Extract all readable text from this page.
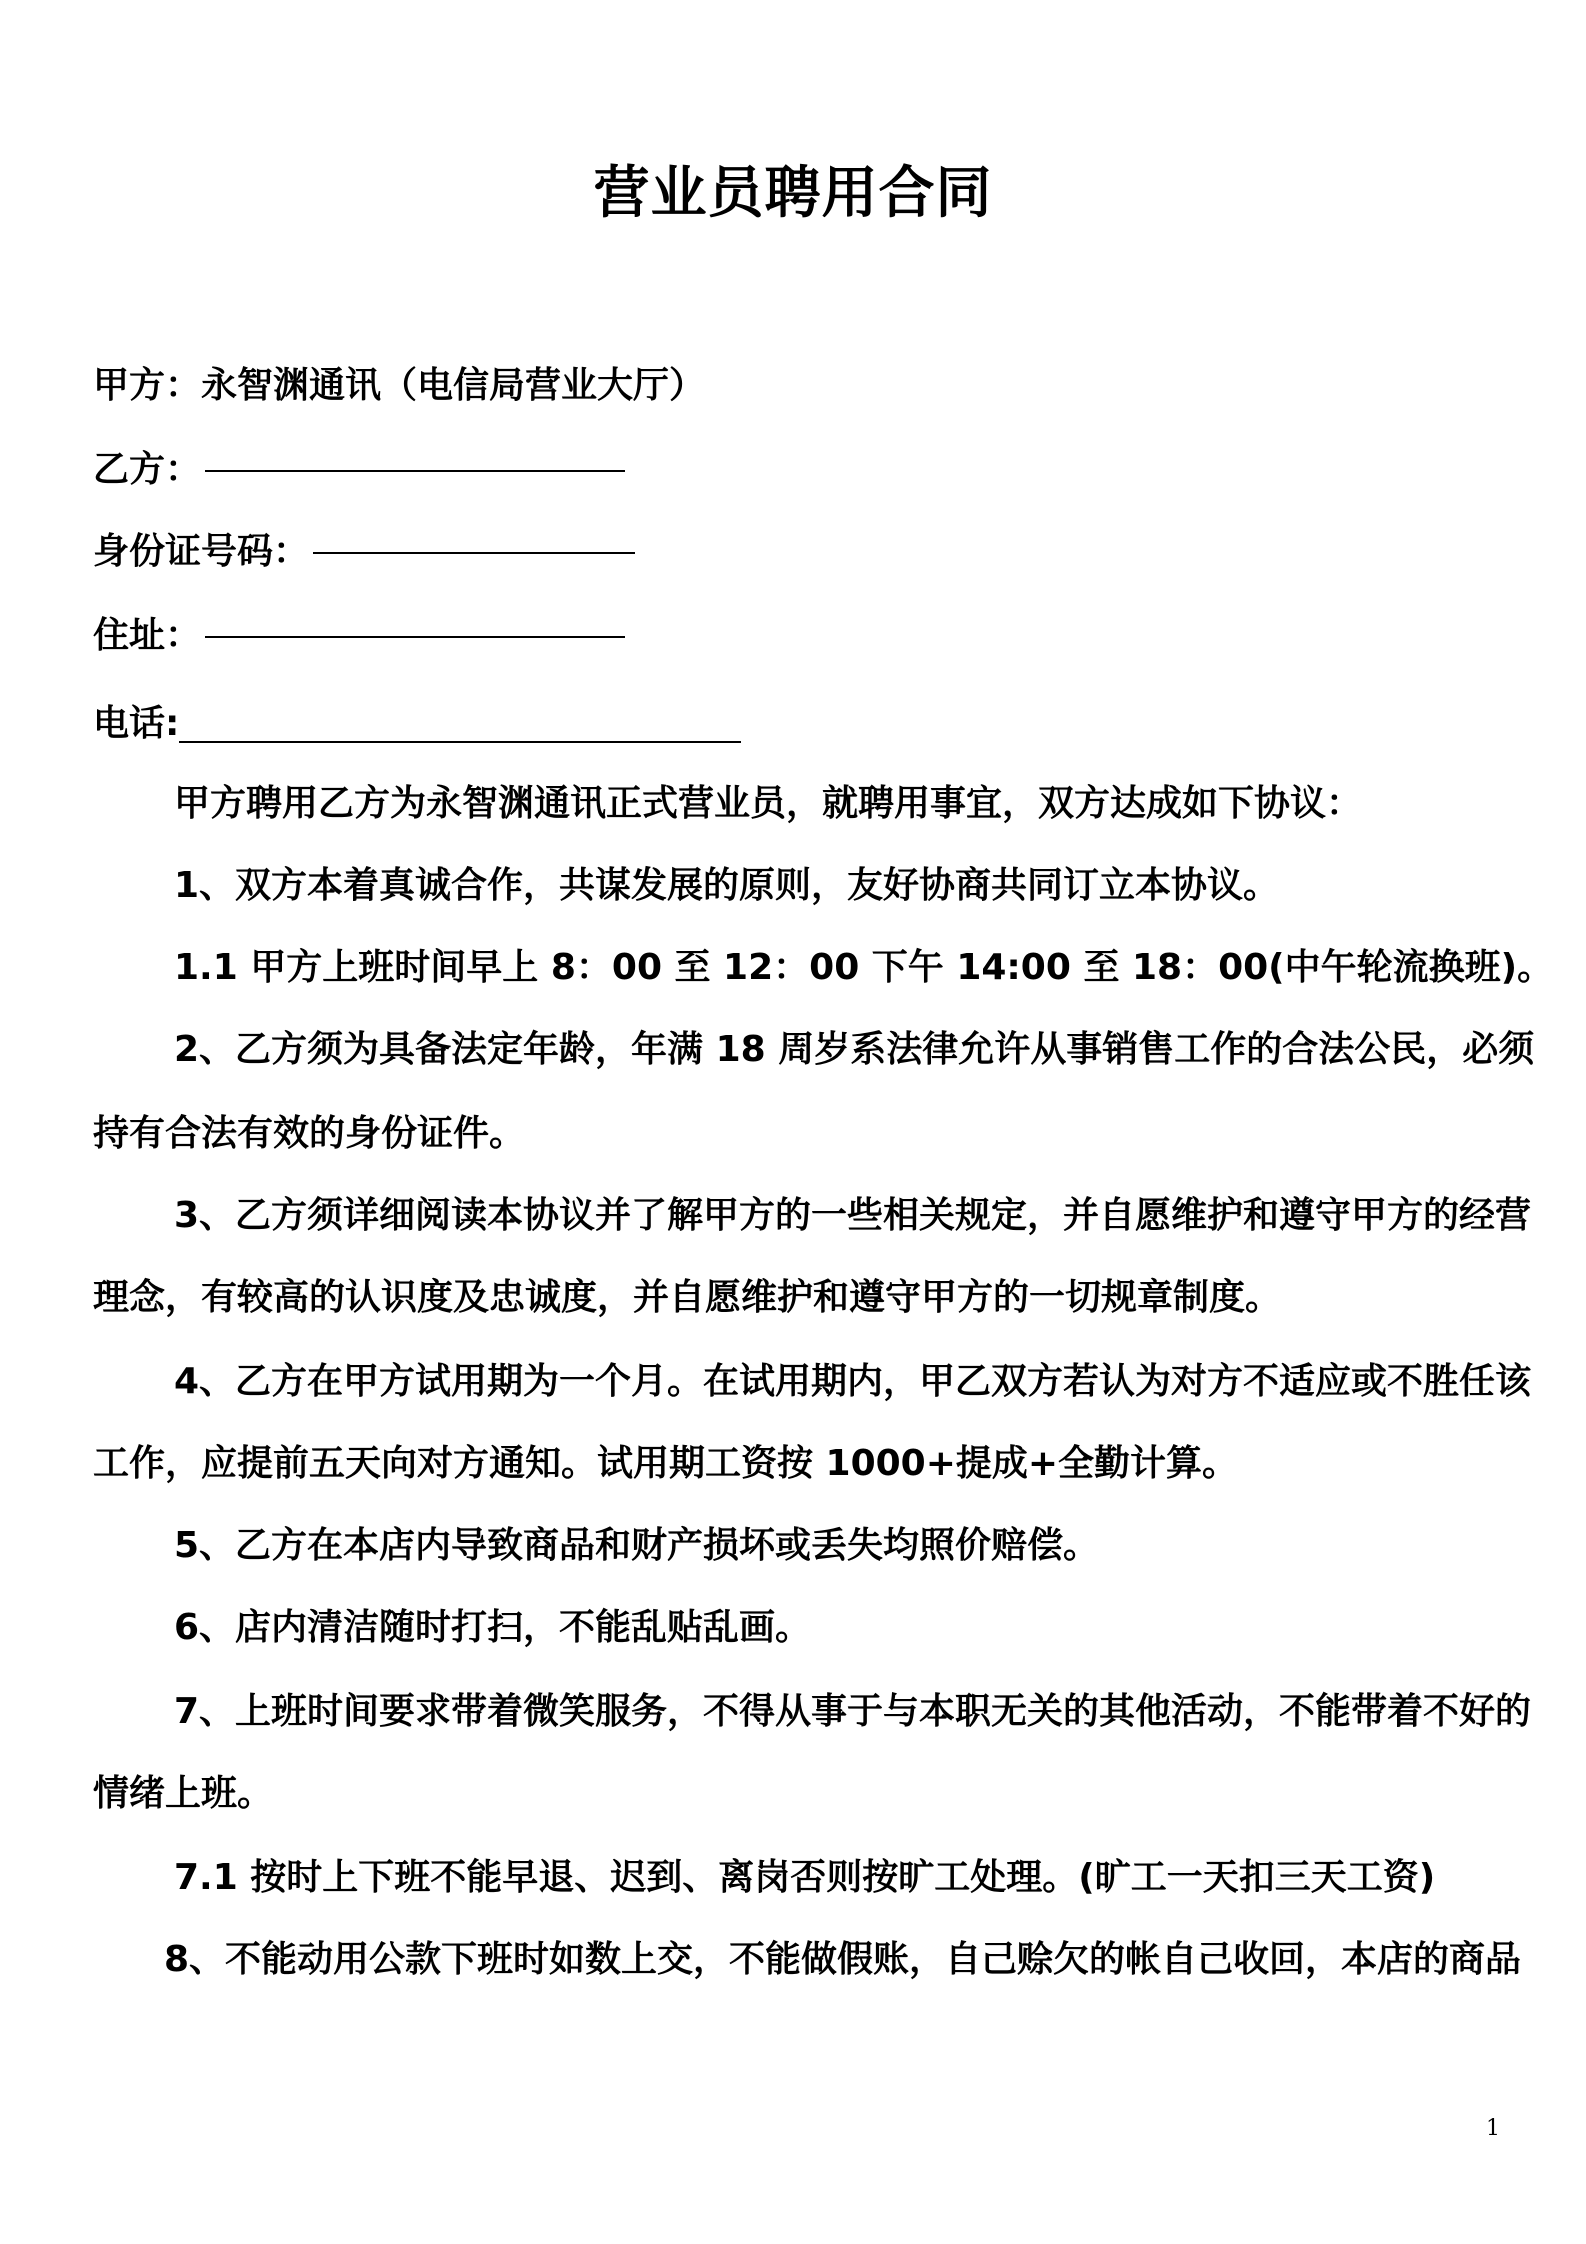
营业员聘用合同

甲方：永智渊通讯（电信局营业大厅）

乙方：

身份证号码：

住址：

电话:

甲方聘用乙方为永智渊通讯正式营业员，就聘用事宜，双方达成如下协议：

1、双方本着真诚合作，共谋发展的原则，友好协商共同订立本协议。

1.1 甲方上班时间早上 8：00 至 12：00 下午 14:00 至 18：00(中午轮流换班)。

2、乙方须为具备法定年龄，年满 18 周岁系法律允许从事销售工作的合法公民，必须

持有合法有效的身份证件。

3、乙方须详细阅读本协议并了解甲方的一些相关规定，并自愿维护和遵守甲方的经营

理念，有较高的认识度及忠诚度，并自愿维护和遵守甲方的一切规章制度。

4、乙方在甲方试用期为一个月。在试用期内，甲乙双方若认为对方不适应或不胜任该

工作，应提前五天向对方通知。试用期工资按 1000+提成+全勤计算。

5、乙方在本店内导致商品和财产损坏或丢失均照价赔偿。

6、店内清洁随时打扫，不能乱贴乱画。

7、上班时间要求带着微笑服务，不得从事于与本职无关的其他活动，不能带着不好的

情绪上班。

7.1 按时上下班不能早退、迟到、离岗否则按旷工处理。(旷工一天扣三天工资)

8、不能动用公款下班时如数上交，不能做假账，自己赊欠的帐自己收回，本店的商品

1
